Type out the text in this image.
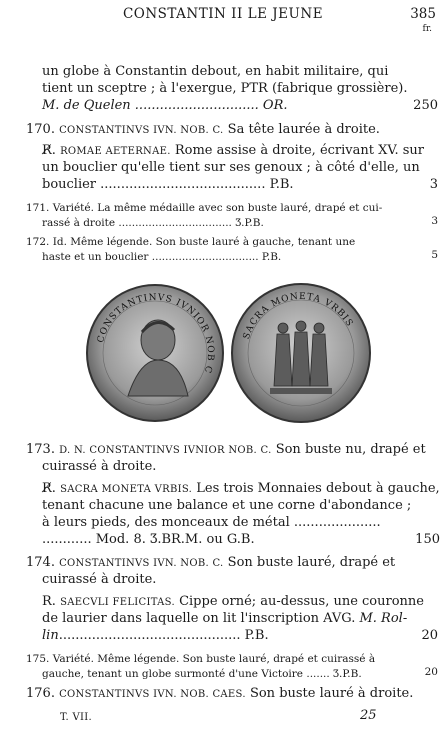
CONSTANTIN II LE JEUNE	385
fr.
un globe à Constantin debout, en habit militaire, qui
tient un sceptre ; à l'exergue, PTR (fabrique grossière).
M. de Quelen .............................. OR.	250
170. CONSTANTINVS IVN. NOB. C. Sa tête laurée à droite.
R̸. ROMAE AETERNAE. Rome assise à droite, écrivant XV. sur
un bouclier qu'elle tient sur ses genoux ; à côté d'elle, un
bouclier ........................................ P.B.	3
171. Variété. La même médaille avec son buste lauré, drapé et cui-
rassé à droite .................................. Ʒ.P.B.	3
172. Id. Même légende. Son buste lauré à gauche, tenant une
haste et un bouclier ................................ P.B.	5
CONSTANTINVS IVNIOR NOB C
SACRA MONETA VRBIS
173. D. N. CONSTANTINVS IVNIOR NOB. C. Son buste nu, drapé et
cuirassé à droite.
R̸. SACRA MONETA VRBIS. Les trois Monnaies debout à gauche,
tenant chacune une balance et une corne d'abondance ;
à leurs pieds, des monceaux de métal .....................
............ Mod. 8. Ʒ.BR.M. ou G.B.	150
174. CONSTANTINVS IVN. NOB. C. Son buste lauré, drapé et
cuirassé à droite.
R. SAECVLI FELICITAS. Cippe orné; au-dessus, une couronne
de laurier dans laquelle on lit l'inscription AVG. M. Rol-
lin............................................ P.B.	20
175. Variété. Même légende. Son buste lauré, drapé et cuirassé à
gauche, tenant un globe surmonté d'une Victoire ....... Ʒ.P.B.	20
176. CONSTANTINVS IVN. NOB. CAES. Son buste lauré à droite.
T. VII.	25
